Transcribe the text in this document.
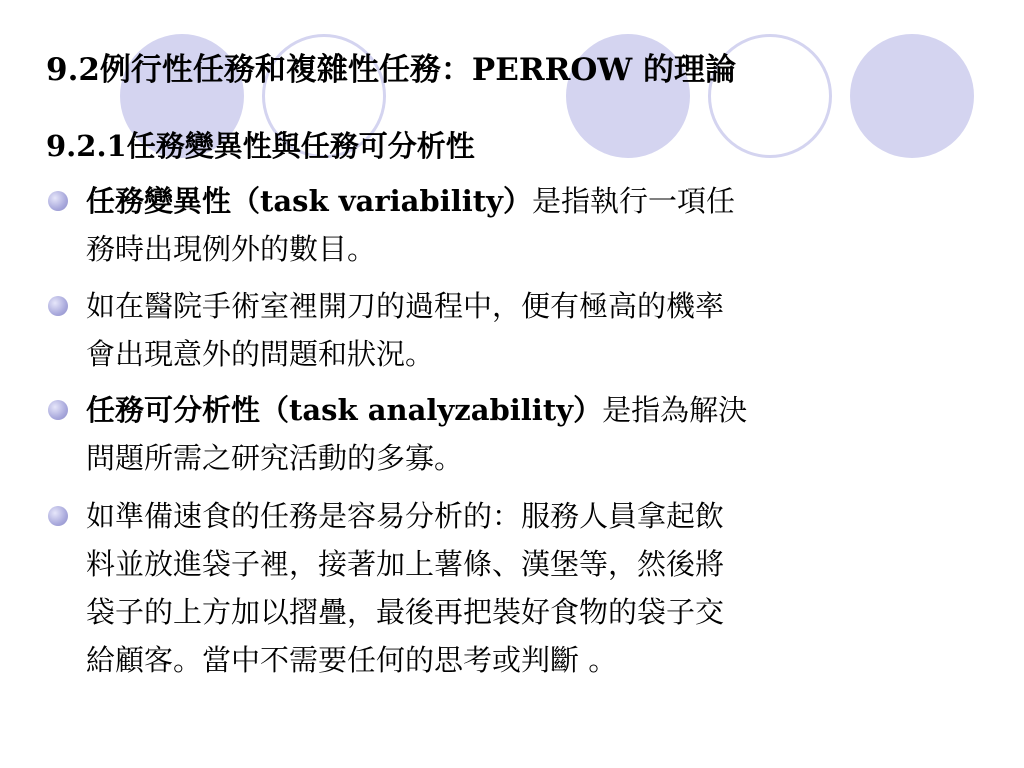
9.2例行性任務和複雜性任務：PERROW 的理論
9.2.1任務變異性與任務可分析性
任務變異性（task variability）是指執行一項任
務時出現例外的數目。
如在醫院手術室裡開刀的過程中，便有極高的機率
會出現意外的問題和狀況。
任務可分析性（task analyzability）是指為解決
問題所需之研究活動的多寡。
如準備速食的任務是容易分析的：服務人員拿起飲
料並放進袋子裡，接著加上薯條、漢堡等，然後將
袋子的上方加以摺疊，最後再把裝好食物的袋子交
給顧客。當中不需要任何的思考或判斷 。
